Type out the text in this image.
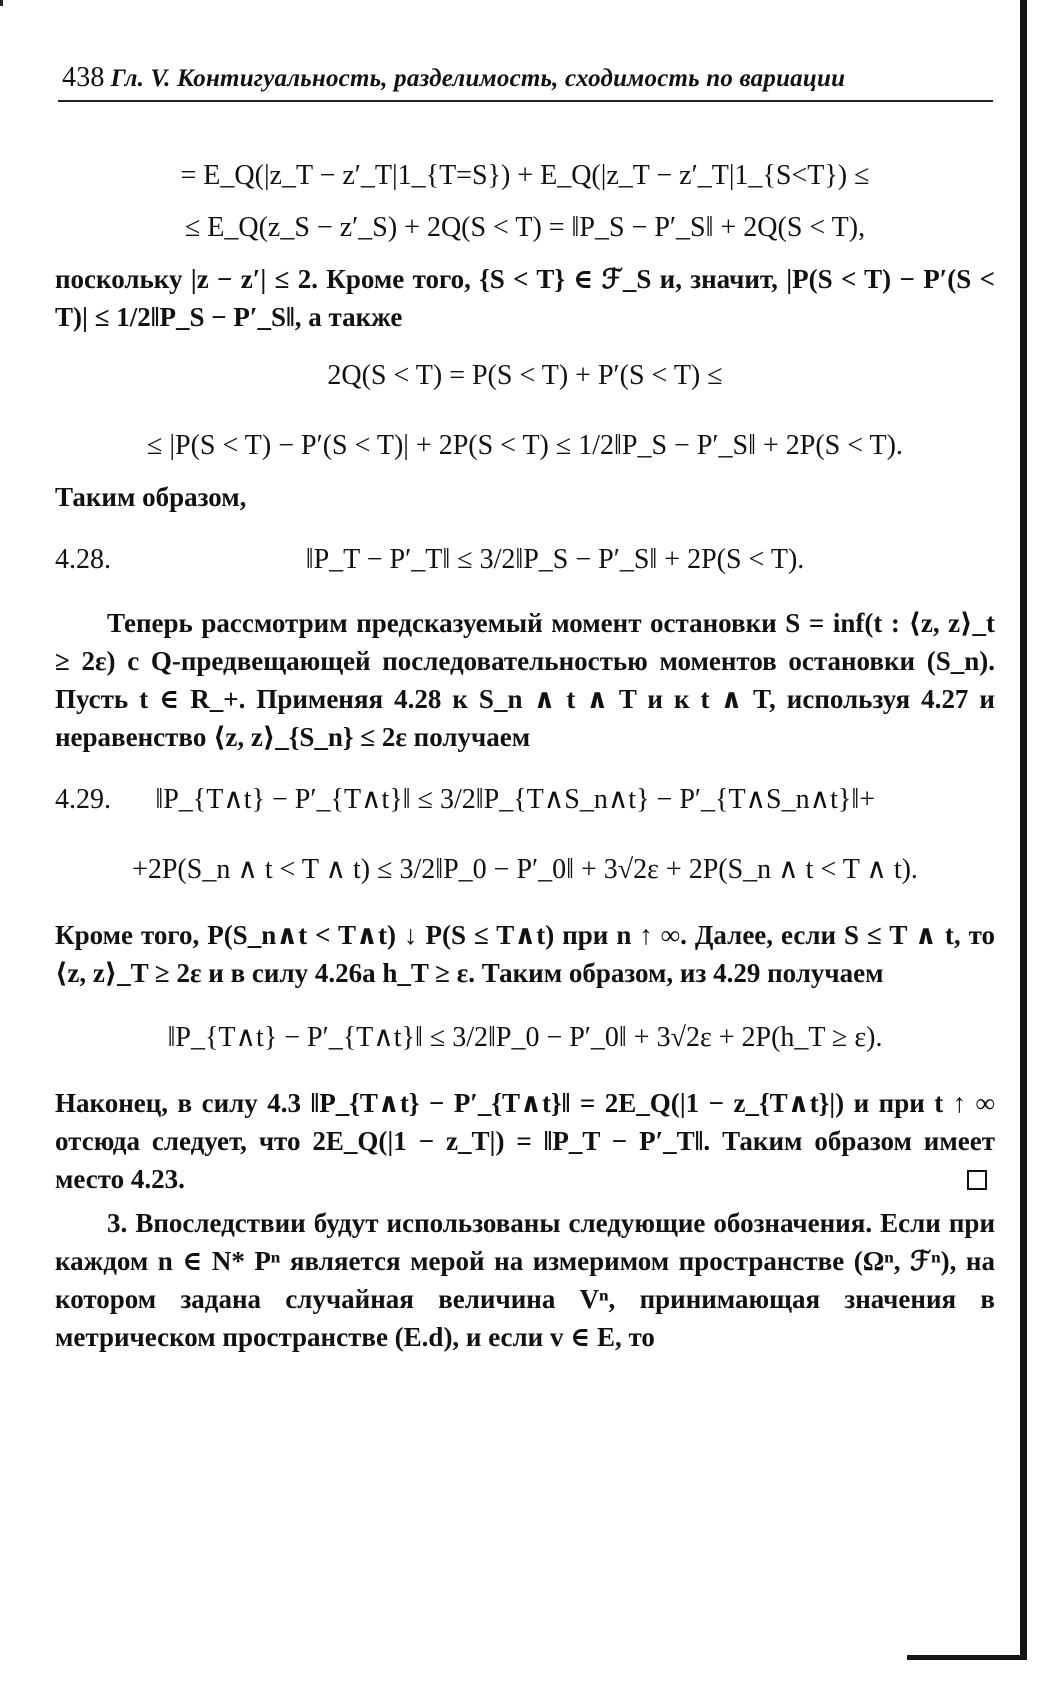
438 Гл. V. Контигуальность, разделимость, сходимость по вариации
= E_Q(|z_T − z′_T|1_{T=S}) + E_Q(|z_T − z′_T|1_{S<T}) ≤
≤ E_Q(z_S − z′_S) + 2Q(S < T) = ‖P_S − P′_S‖ + 2Q(S < T),

поскольку |z − z′| ≤ 2. Кроме того, {S < T} ∈ ℱ_S и, значит, |P(S < T) − P′(S < T)| ≤ 1/2‖P_S − P′_S‖, а также

2Q(S < T) = P(S < T) + P′(S < T) ≤
≤ |P(S < T) − P′(S < T)| + 2P(S < T) ≤ 1/2‖P_S − P′_S‖ + 2P(S < T).

Таким образом,

4.28.	‖P_T − P′_T‖ ≤ 3/2‖P_S − P′_S‖ + 2P(S < T).

Теперь рассмотрим предсказуемый момент остановки S = inf(t : ⟨z, z⟩_t ≥ 2ε) с Q-предвещающей последовательностью моментов остановки (S_n). Пусть t ∈ R_+. Применяя 4.28 к S_n ∧ t ∧ T и к t ∧ T, используя 4.27 и неравенство ⟨z, z⟩_{S_n} ≤ 2ε получаем

4.29.	‖P_{T∧t} − P′_{T∧t}‖ ≤ 3/2‖P_{T∧S_n∧t} − P′_{T∧S_n∧t}‖+
+2P(S_n ∧ t < T ∧ t) ≤ 3/2‖P_0 − P′_0‖ + 3√2ε + 2P(S_n ∧ t < T ∧ t).

Кроме того, P(S_n∧t < T∧t) ↓ P(S ≤ T∧t) при n ↑ ∞. Далее, если S ≤ T ∧ t, то ⟨z, z⟩_T ≥ 2ε и в силу 4.26a h_T ≥ ε. Таким образом, из 4.29 получаем

‖P_{T∧t} − P′_{T∧t}‖ ≤ 3/2‖P_0 − P′_0‖ + 3√2ε + 2P(h_T ≥ ε).

Наконец, в силу 4.3 ‖P_{T∧t} − P′_{T∧t}‖ = 2E_Q(|1 − z_{T∧t}|) и при t ↑ ∞ отсюда следует, что 2E_Q(|1 − z_T|) = ‖P_T − P′_T‖. Таким образом имеет место 4.23.

3. Впоследствии будут использованы следующие обозначения. Если при каждом n ∈ N* Pⁿ является мерой на измеримом пространстве (Ωⁿ, ℱⁿ), на котором задана случайная величина Vⁿ, принимающая значения в метрическом пространстве (E.d), и если v ∈ E, то
